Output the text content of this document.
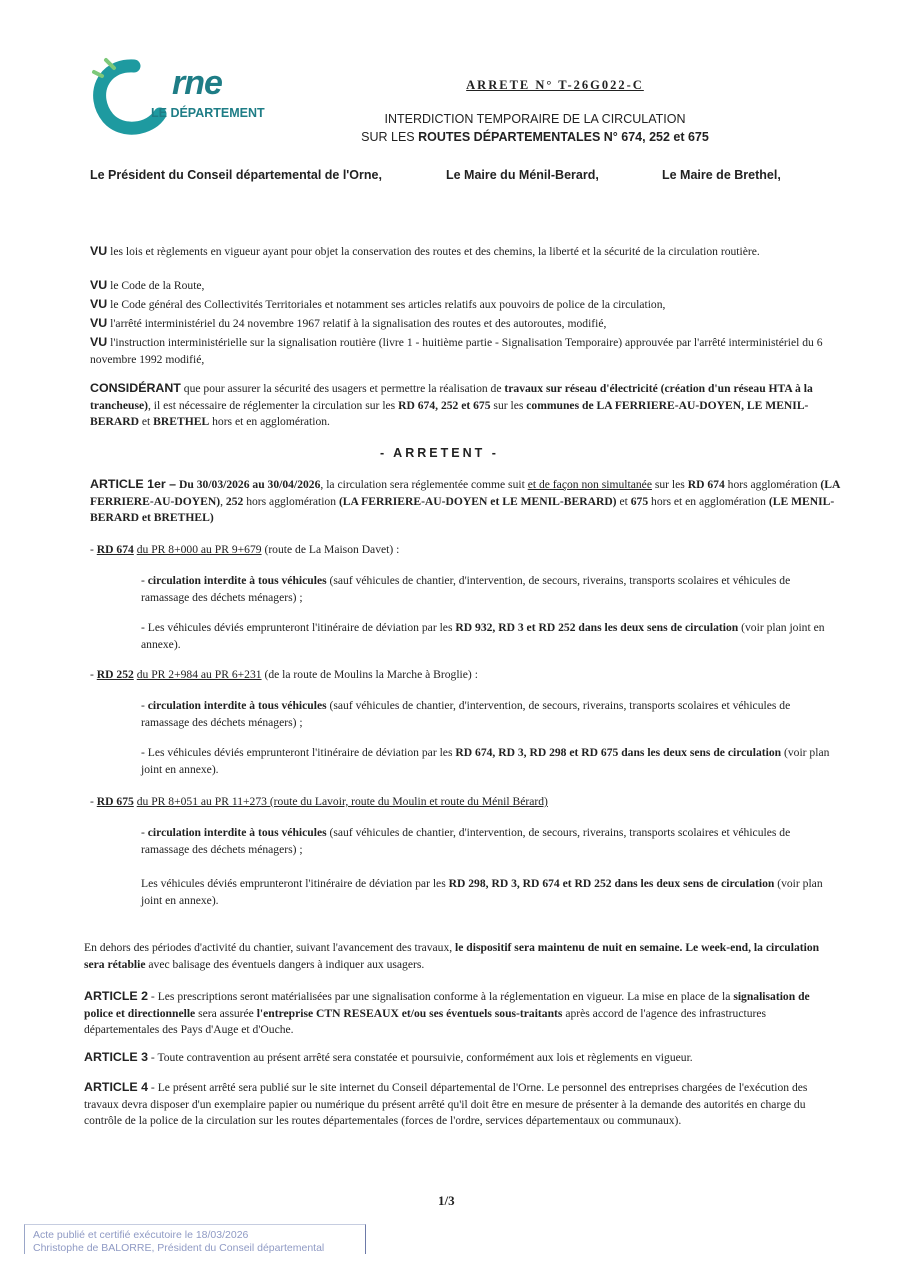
rne
LE DÉPARTEMENT
ARRETE N° T-26G022-C
INTERDICTION TEMPORAIRE DE LA CIRCULATION
SUR LES ROUTES DÉPARTEMENTALES N° 674, 252 et 675
Le Président du Conseil départemental de l'Orne,	Le Maire du Ménil-Berard,	Le Maire de Brethel,
VU les lois et règlements en vigueur ayant pour objet la conservation des routes et des chemins, la liberté et la sécurité de la circulation routière.
VU le Code de la Route,
VU le Code général des Collectivités Territoriales et notamment ses articles relatifs aux pouvoirs de police de la circulation,
VU l'arrêté interministériel du 24 novembre 1967 relatif à la signalisation des routes et des autoroutes, modifié,
VU l'instruction interministérielle sur la signalisation routière (livre 1 - huitième partie - Signalisation Temporaire) approuvée par l'arrêté interministériel du 6 novembre 1992 modifié,
CONSIDÉRANT que pour assurer la sécurité des usagers et permettre la réalisation de travaux sur réseau d'électricité (création d'un réseau HTA à la trancheuse), il est nécessaire de réglementer la circulation sur les RD 674, 252 et 675 sur les communes de LA FERRIERE-AU-DOYEN, LE MENIL-BERARD et BRETHEL hors et en agglomération.
- ARRETENT -
ARTICLE 1er – Du 30/03/2026 au 30/04/2026, la circulation sera réglementée comme suit et de façon non simultanée sur les RD 674 hors agglomération (LA FERRIERE-AU-DOYEN), 252 hors agglomération (LA FERRIERE-AU-DOYEN et LE MENIL-BERARD) et 675 hors et en agglomération (LE MENIL-BERARD et BRETHEL)
- RD 674 du PR 8+000 au PR 9+679 (route de La Maison Davet) :
- circulation interdite à tous véhicules (sauf véhicules de chantier, d'intervention, de secours, riverains, transports scolaires et véhicules de ramassage des déchets ménagers) ;
- Les véhicules déviés emprunteront l'itinéraire de déviation par les RD 932, RD 3 et RD 252 dans les deux sens de circulation (voir plan joint en annexe).
- RD 252 du PR 2+984 au PR 6+231 (de la route de Moulins la Marche à Broglie) :
- circulation interdite à tous véhicules (sauf véhicules de chantier, d'intervention, de secours, riverains, transports scolaires et véhicules de ramassage des déchets ménagers) ;
- Les véhicules déviés emprunteront l'itinéraire de déviation par les RD 674, RD 3, RD 298 et RD 675 dans les deux sens de circulation (voir plan joint en annexe).
- RD 675 du PR 8+051 au PR 11+273 (route du Lavoir, route du Moulin et route du Ménil Bérard)
- circulation interdite à tous véhicules (sauf véhicules de chantier, d'intervention, de secours, riverains, transports scolaires et véhicules de ramassage des déchets ménagers) ;
Les véhicules déviés emprunteront l'itinéraire de déviation par les RD 298, RD 3, RD 674 et RD 252 dans les deux sens de circulation (voir plan joint en annexe).
En dehors des périodes d'activité du chantier, suivant l'avancement des travaux, le dispositif sera maintenu de nuit en semaine. Le week-end, la circulation sera rétablie avec balisage des éventuels dangers à indiquer aux usagers.
ARTICLE 2 - Les prescriptions seront matérialisées par une signalisation conforme à la réglementation en vigueur. La mise en place de la signalisation de police et directionnelle sera assurée l'entreprise CTN RESEAUX et/ou ses éventuels sous-traitants après accord de l'agence des infrastructures départementales des Pays d'Auge et d'Ouche.
ARTICLE 3 - Toute contravention au présent arrêté sera constatée et poursuivie, conformément aux lois et règlements en vigueur.
ARTICLE 4 - Le présent arrêté sera publié sur le site internet du Conseil départemental de l'Orne. Le personnel des entreprises chargées de l'exécution des travaux devra disposer d'un exemplaire papier ou numérique du présent arrêté qu'il doit être en mesure de présenter à la demande des autorités en charge du contrôle de la police de la circulation sur les routes départementales (forces de l'ordre, services départementaux ou communaux).
1/3
Acte publié et certifié exécutoire le 18/03/2026
Christophe de BALORRE, Président du Conseil départemental
